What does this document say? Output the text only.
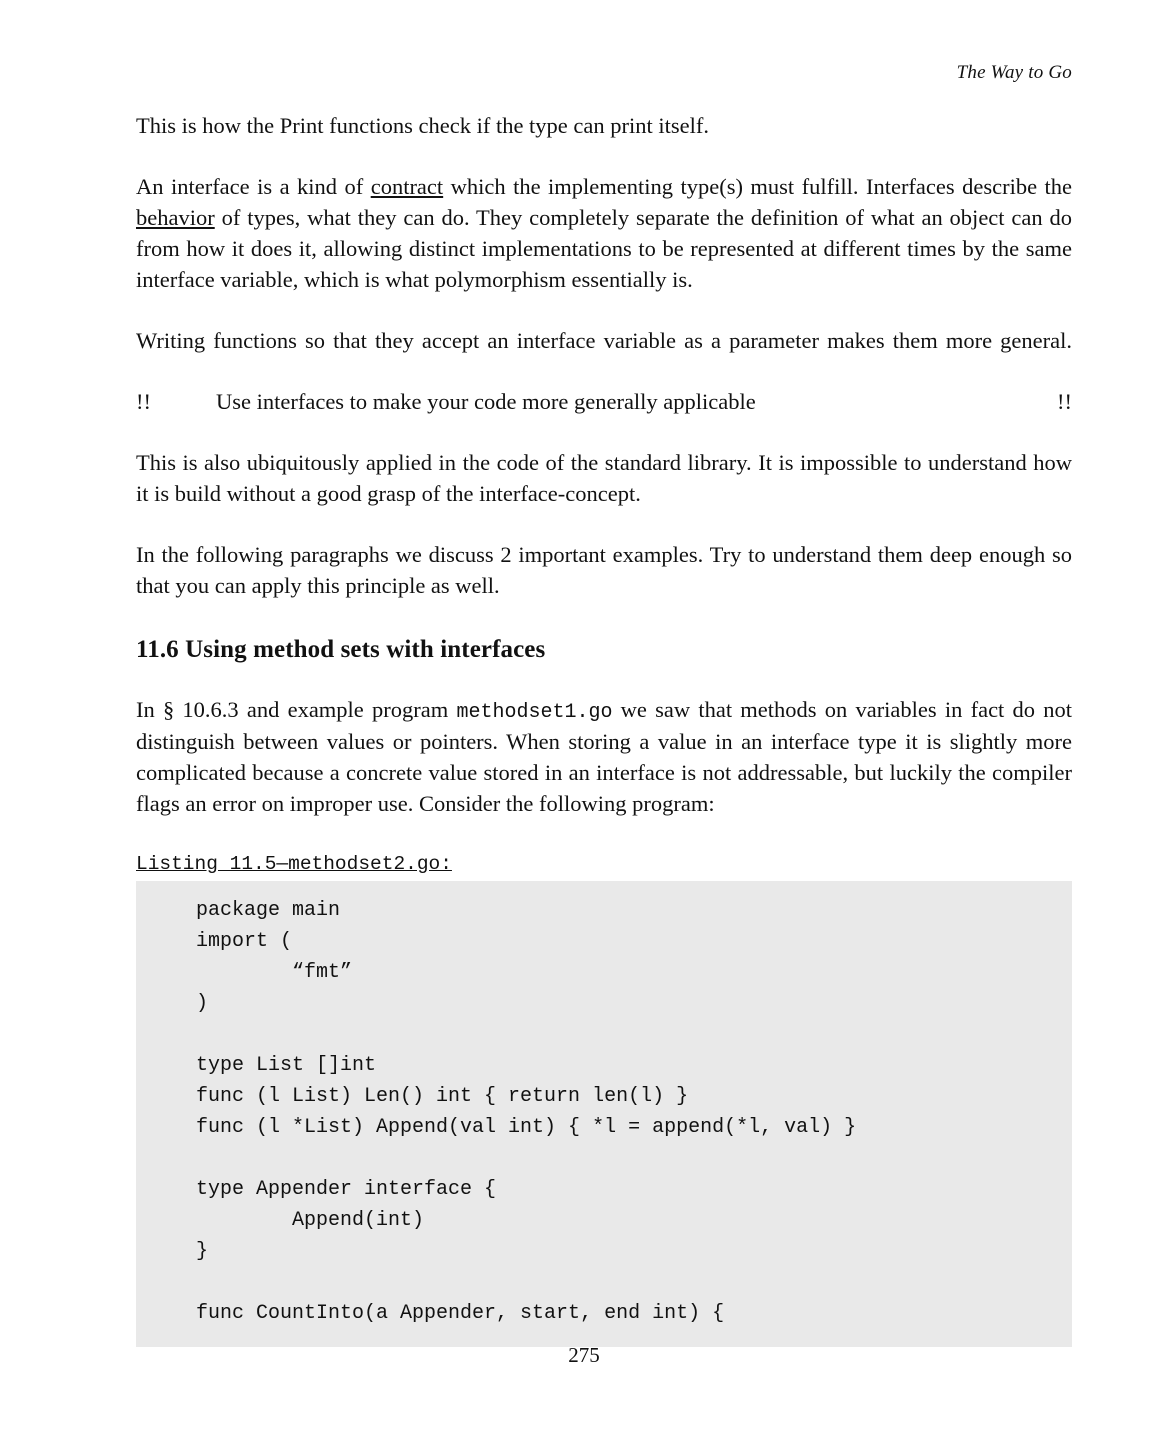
The Way to Go

This is how the Print functions check if the type can print itself.

An interface is a kind of contract which the implementing type(s) must fulfill. Interfaces describe the behavior of types, what they can do. They completely separate the definition of what an object can do from how it does it, allowing distinct implementations to be represented at different times by the same interface variable, which is what polymorphism essentially is.

Writing functions so that they accept an interface variable as a parameter makes them more general.

!!	Use interfaces to make your code more generally applicable	!!

This is also ubiquitously applied in the code of the standard library. It is impossible to understand how it is build without a good grasp of the interface-concept.

In the following paragraphs we discuss 2 important examples. Try to understand them deep enough so that you can apply this principle as well.

11.6 Using method sets with interfaces

In § 10.6.3 and example program methodset1.go we saw that methods on variables in fact do not distinguish between values or pointers. When storing a value in an interface type it is slightly more complicated because a concrete value stored in an interface is not addressable, but luckily the compiler flags an error on improper use. Consider the following program:

Listing 11.5—methodset2.go:
package main
import (
“fmt”
)
type List []int
func (l List) Len() int { return len(l) }
func (l *List) Append(val int) { *l = append(*l, val) }
type Appender interface {
Append(int)
}
func CountInto(a Appender, start, end int) {
275
